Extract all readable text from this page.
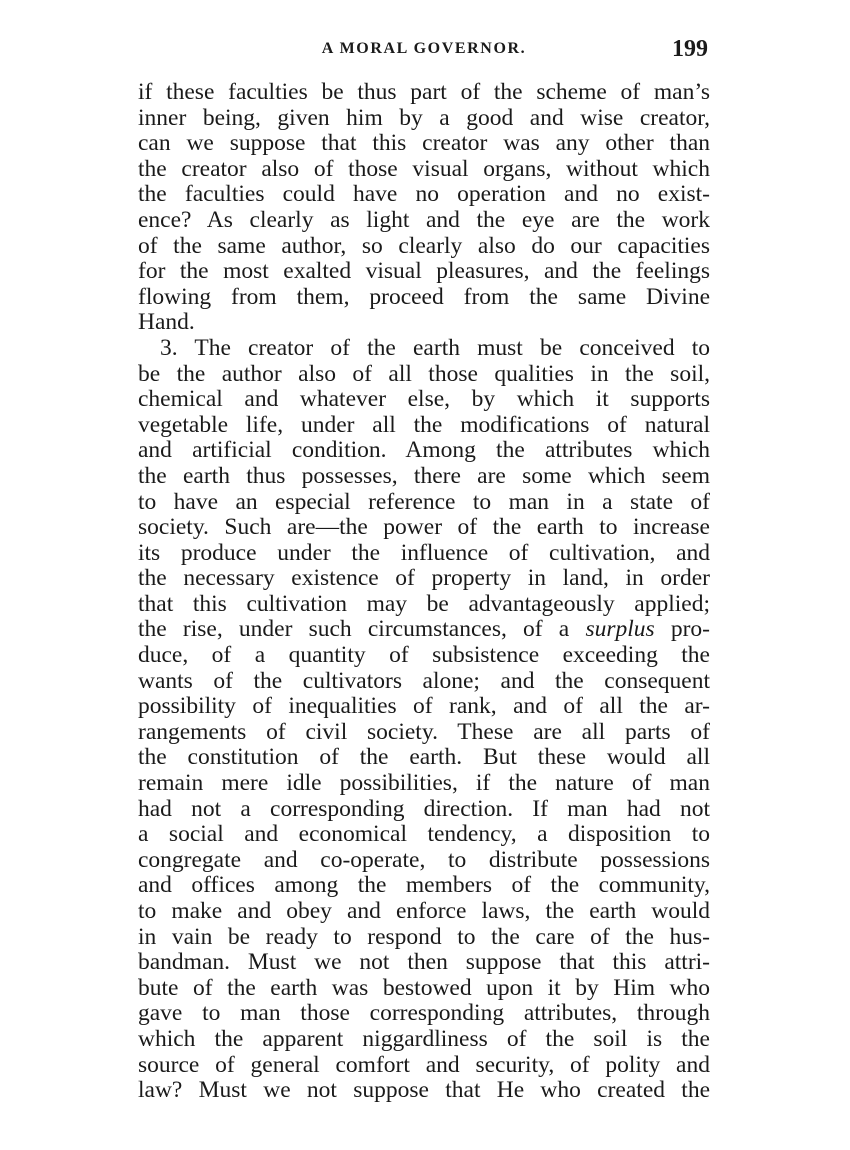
A MORAL GOVERNOR.	199
if these faculties be thus part of the scheme of man’s
inner being, given him by a good and wise creator,
can we suppose that this creator was any other than
the creator also of those visual organs, without which
the faculties could have no operation and no exist-
ence? As clearly as light and the eye are the work
of the same author, so clearly also do our capacities
for the most exalted visual pleasures, and the feelings
flowing from them, proceed from the same Divine
Hand.
3. The creator of the earth must be conceived to
be the author also of all those qualities in the soil,
chemical and whatever else, by which it supports
vegetable life, under all the modifications of natural
and artificial condition. Among the attributes which
the earth thus possesses, there are some which seem
to have an especial reference to man in a state of
society. Such are—the power of the earth to increase
its produce under the influence of cultivation, and
the necessary existence of property in land, in order
that this cultivation may be advantageously applied;
the rise, under such circumstances, of a surplus pro-
duce, of a quantity of subsistence exceeding the
wants of the cultivators alone; and the consequent
possibility of inequalities of rank, and of all the ar-
rangements of civil society. These are all parts of
the constitution of the earth. But these would all
remain mere idle possibilities, if the nature of man
had not a corresponding direction. If man had not
a social and economical tendency, a disposition to
congregate and co-operate, to distribute possessions
and offices among the members of the community,
to make and obey and enforce laws, the earth would
in vain be ready to respond to the care of the hus-
bandman. Must we not then suppose that this attri-
bute of the earth was bestowed upon it by Him who
gave to man those corresponding attributes, through
which the apparent niggardliness of the soil is the
source of general comfort and security, of polity and
law? Must we not suppose that He who created the
